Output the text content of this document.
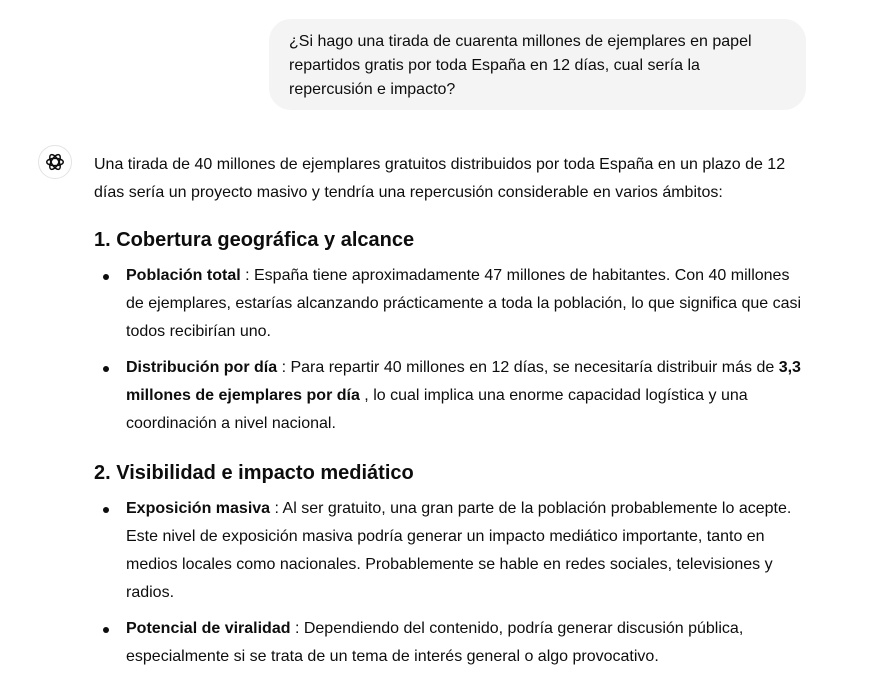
¿Si hago una tirada de cuarenta millones de ejemplares en papel repartidos gratis por toda España en 12 días, cual sería la repercusión e impacto?

Una tirada de 40 millones de ejemplares gratuitos distribuidos por toda España en un plazo de 12 días sería un proyecto masivo y tendría una repercusión considerable en varios ámbitos:

1. Cobertura geográfica y alcance
Población total : España tiene aproximadamente 47 millones de habitantes. Con 40 millones de ejemplares, estarías alcanzando prácticamente a toda la población, lo que significa que casi todos recibirían uno.
Distribución por día : Para repartir 40 millones en 12 días, se necesitaría distribuir más de 3,3 millones de ejemplares por día , lo cual implica una enorme capacidad logística y una coordinación a nivel nacional.
2. Visibilidad e impacto mediático
Exposición masiva : Al ser gratuito, una gran parte de la población probablemente lo acepte. Este nivel de exposición masiva podría generar un impacto mediático importante, tanto en medios locales como nacionales. Probablemente se hable en redes sociales, televisiones y radios.
Potencial de viralidad : Dependiendo del contenido, podría generar discusión pública, especialmente si se trata de un tema de interés general o algo provocativo.
